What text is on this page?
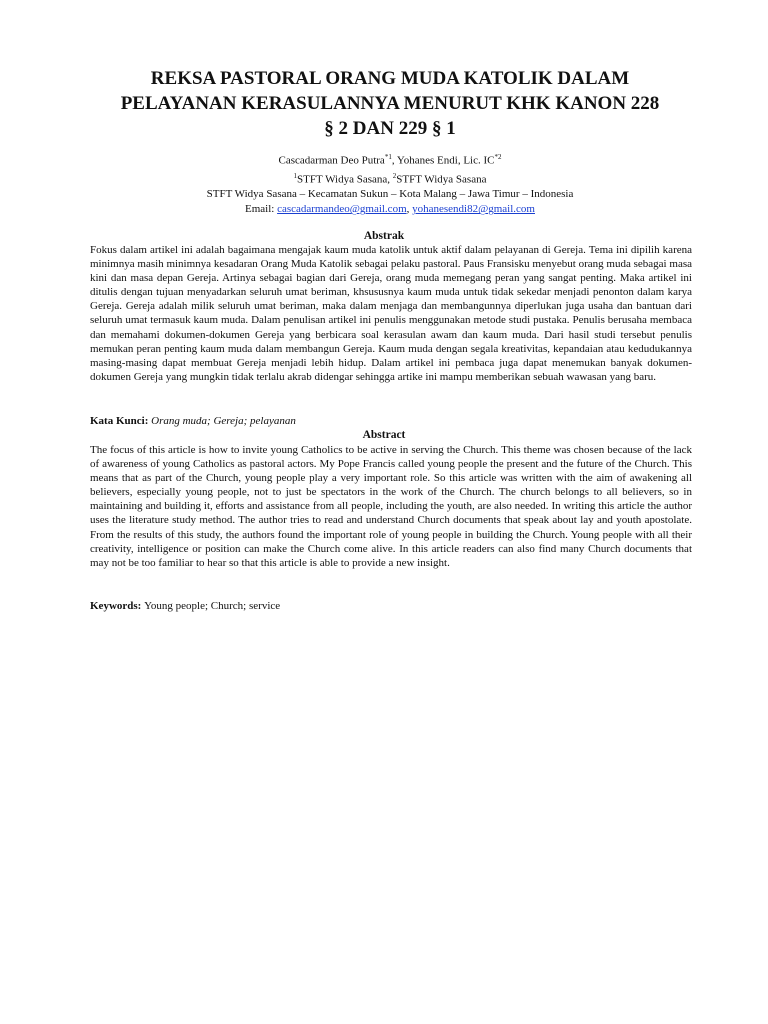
REKSA PASTORAL ORANG MUDA KATOLIK DALAM
PELAYANAN KERASULANNYA MENURUT KHK KANON 228
§ 2 DAN 229 § 1
Cascadarman Deo Putra$^{*1}$, Yohanes Endi, Lic. IC$^{*2}$
$^1$STFT Widya Sasana, $^2$STFT Widya Sasana
STFT Widya Sasana – Kecamatan Sukun – Kota Malang – Jawa Timur – Indonesia
Email: cascadarmandeo@gmail.com, yohanesendi82@gmail.com
Abstrak
Fokus dalam artikel ini adalah bagaimana mengajak kaum muda katolik untuk aktif dalam pelayanan di Gereja. Tema ini dipilih karena minimnya masih minimnya kesadaran Orang Muda Katolik sebagai pelaku pastoral. Paus Fransisku menyebut orang muda sebagai masa kini dan masa depan Gereja. Artinya sebagai bagian dari Gereja, orang muda memegang peran yang sangat penting. Maka artikel ini ditulis dengan tujuan menyadarkan seluruh umat beriman, khsususnya kaum muda untuk tidak sekedar menjadi penonton dalam karya Gereja. Gereja adalah milik seluruh umat beriman, maka dalam menjaga dan membangunnya diperlukan juga usaha dan bantuan dari seluruh umat termasuk kaum muda. Dalam penulisan artikel ini penulis menggunakan metode studi pustaka. Penulis berusaha membaca dan memahami dokumen-dokumen Gereja yang berbicara soal kerasulan awam dan kaum muda. Dari hasil studi tersebut penulis memukan peran penting kaum muda dalam membangun Gereja. Kaum muda dengan segala kreativitas, kepandaian atau kedudukannya masing-masing dapat membuat Gereja menjadi lebih hidup. Dalam artikel ini pembaca juga dapat menemukan banyak dokumen-dokumen Gereja yang mungkin tidak terlalu akrab didengar sehingga artike ini mampu memberikan sebuah wawasan yang baru.
Kata Kunci: Orang muda; Gereja; pelayanan
Abstract
The focus of this article is how to invite young Catholics to be active in serving the Church. This theme was chosen because of the lack of awareness of young Catholics as pastoral actors. My Pope Francis called young people the present and the future of the Church. This means that as part of the Church, young people play a very important role. So this article was written with the aim of awakening all believers, especially young people, not to just be spectators in the work of the Church. The church belongs to all believers, so in maintaining and building it, efforts and assistance from all people, including the youth, are also needed. In writing this article the author uses the literature study method. The author tries to read and understand Church documents that speak about lay and youth apostolate. From the results of this study, the authors found the important role of young people in building the Church. Young people with all their creativity, intelligence or position can make the Church come alive. In this article readers can also find many Church documents that may not be too familiar to hear so that this article is able to provide a new insight.
Keywords: Young people; Church; service
